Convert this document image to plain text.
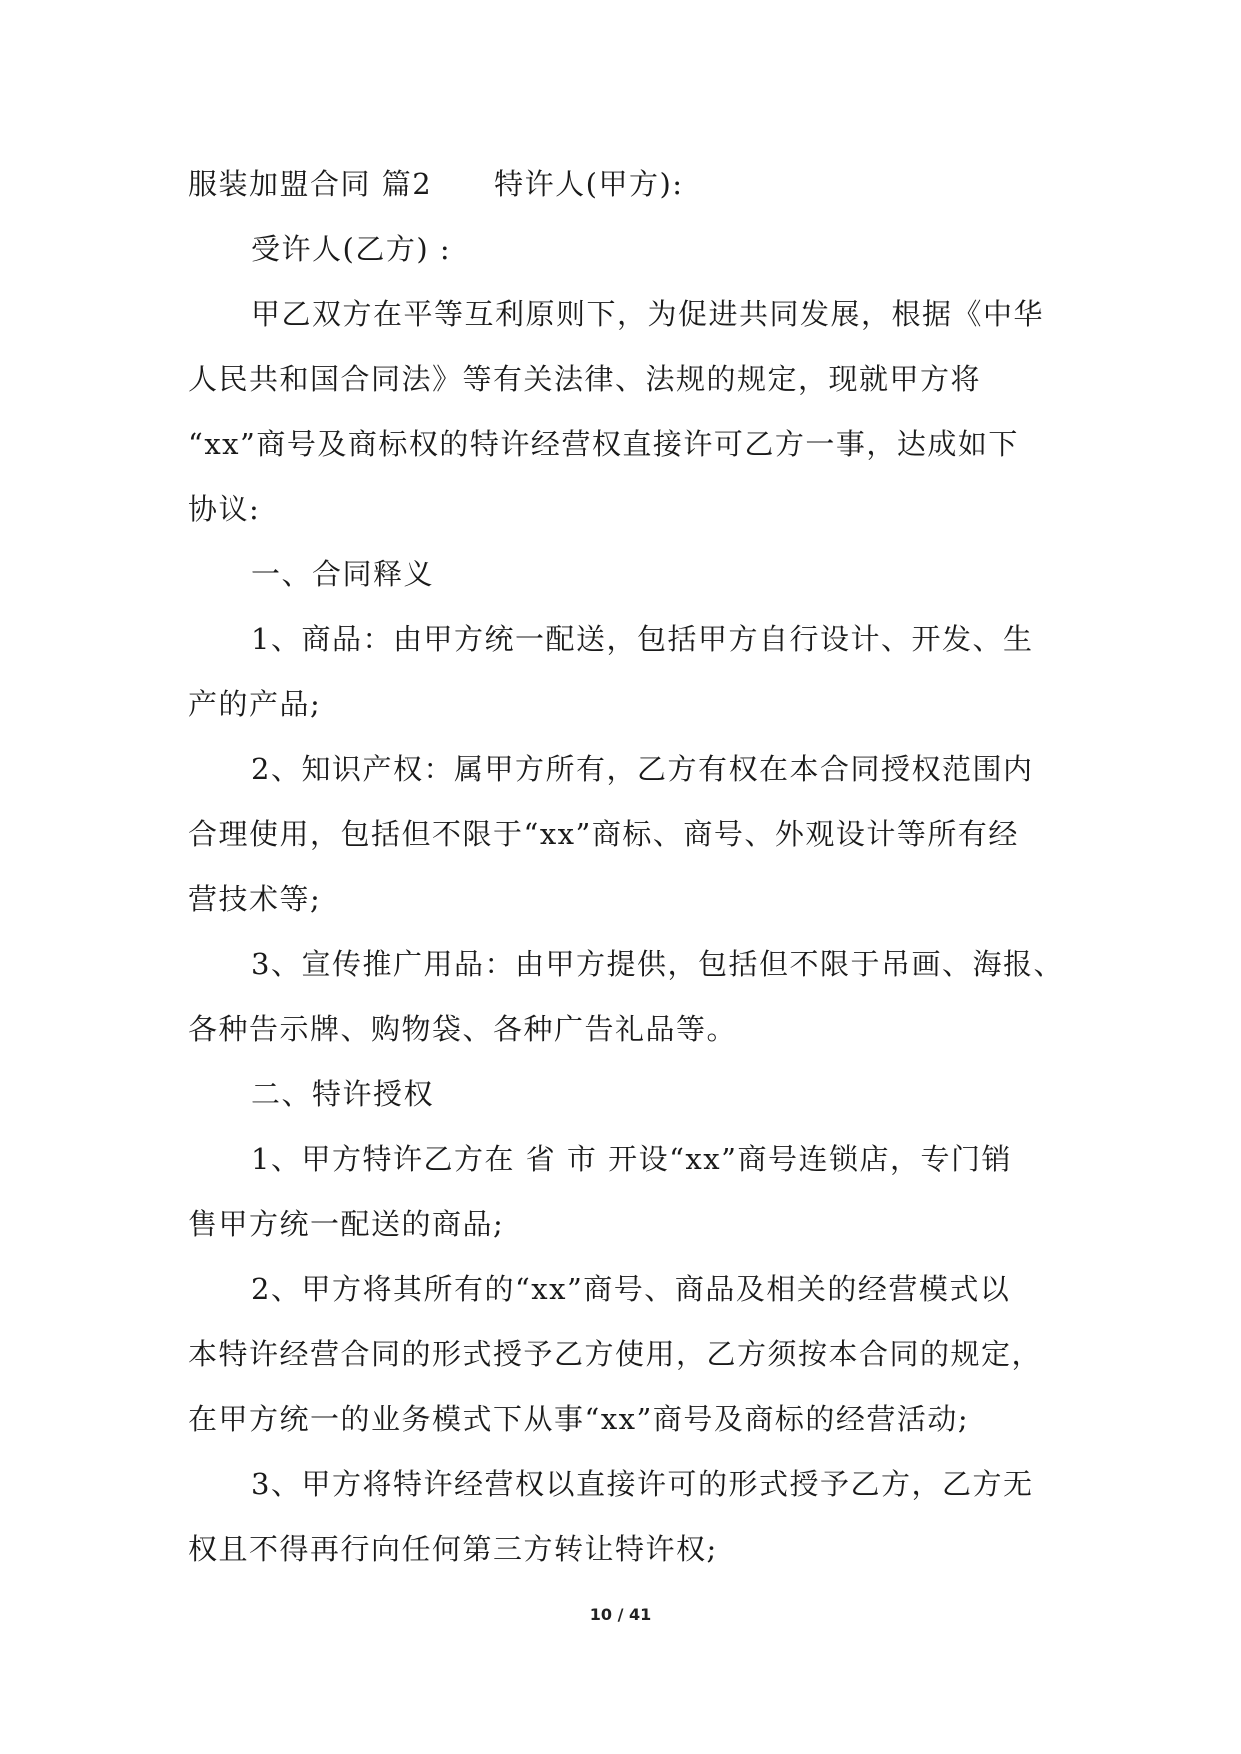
服装加盟合同 篇2 特许人(甲方):
受许人(乙方) :
甲乙双方在平等互利原则下，为促进共同发展，根据《中华
人民共和国合同法》等有关法律、法规的规定，现就甲方将
“xx”商号及商标权的特许经营权直接许可乙方一事，达成如下
协议:
一、合同释义
1、商品：由甲方统一配送，包括甲方自行设计、开发、生
产的产品;
2、知识产权：属甲方所有，乙方有权在本合同授权范围内
合理使用，包括但不限于“xx”商标、商号、外观设计等所有经
营技术等;
3、宣传推广用品：由甲方提供，包括但不限于吊画、海报、
各种告示牌、购物袋、各种广告礼品等。
二、特许授权
1、甲方特许乙方在 省 市 开设“xx”商号连锁店，专门销
售甲方统一配送的商品;
2、甲方将其所有的“xx”商号、商品及相关的经营模式以
本特许经营合同的形式授予乙方使用，乙方须按本合同的规定，
在甲方统一的业务模式下从事“xx”商号及商标的经营活动;
3、甲方将特许经营权以直接许可的形式授予乙方，乙方无
权且不得再行向任何第三方转让特许权;
10 / 41
